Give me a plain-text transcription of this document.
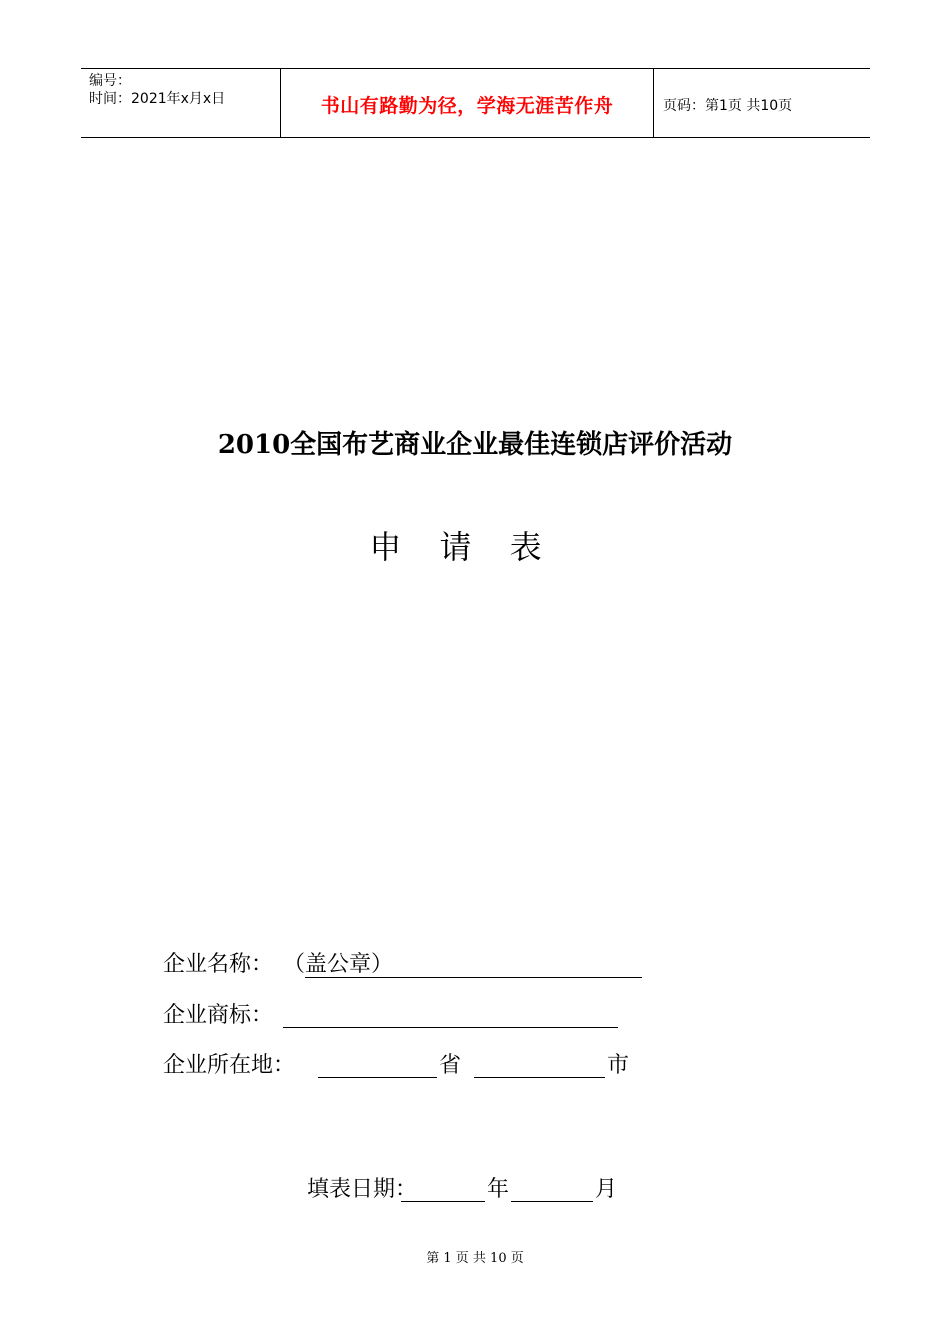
编号：
时间：2021年x月x日	书山有路勤为径，学海无涯苦作舟	页码：第1页 共10页
2010全国布艺商业企业最佳连锁店评价活动
申 请 表
企业名称： （盖公章）
企业商标：
企业所在地：	省	市
填表日期：	年	月
第 1 页 共 10 页
